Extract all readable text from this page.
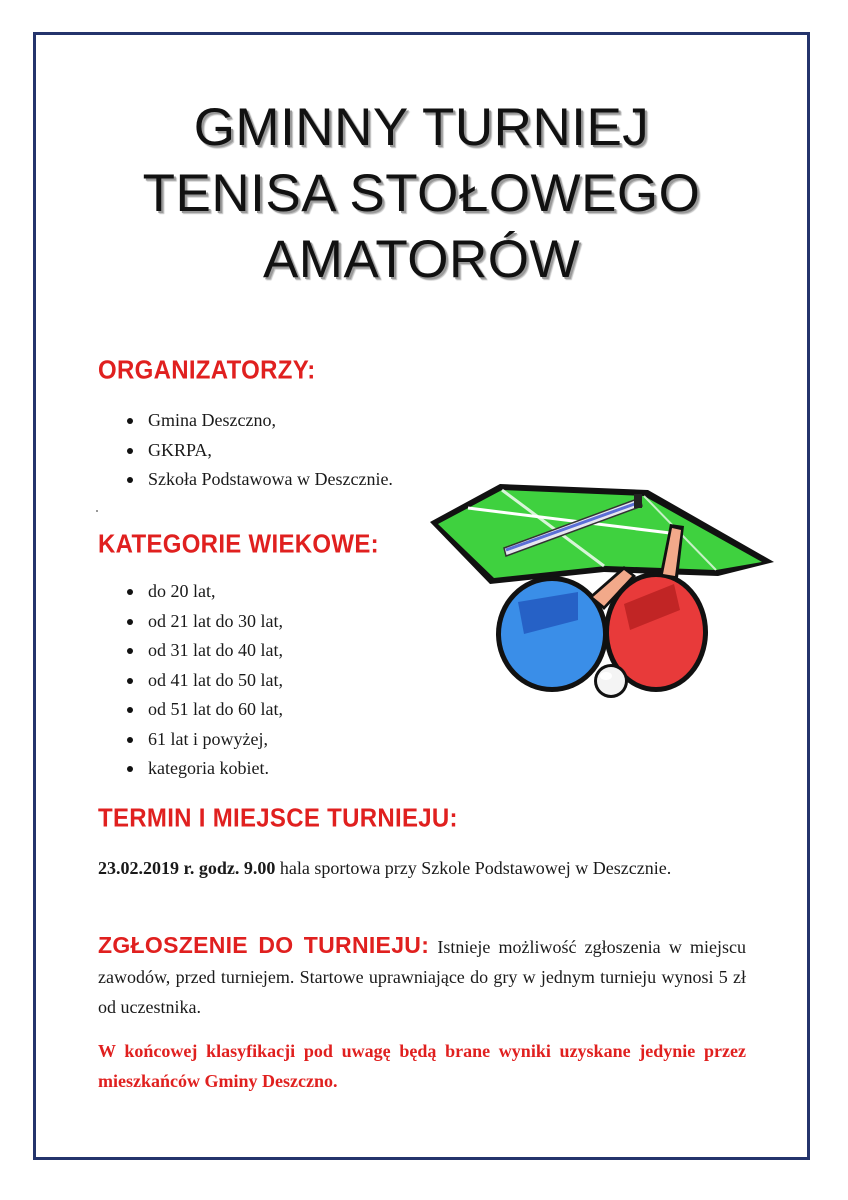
GMINNY TURNIEJ
TENISA STOŁOWEGO
AMATORÓW
ORGANIZATORZY:
Gmina Deszczno,
GKRPA,
Szkoła Podstawowa w Deszcznie.
KATEGORIE WIEKOWE:
do 20 lat,
od 21 lat do 30 lat,
od 31 lat do 40 lat,
od 41 lat do 50 lat,
od 51 lat do 60 lat,
61 lat i powyżej,
kategoria kobiet.
TERMIN I MIEJSCE TURNIEJU:
23.02.2019 r. godz. 9.00 hala sportowa przy Szkole Podstawowej w Deszcznie.
ZGŁOSZENIE DO TURNIEJU: Istnieje możliwość zgłoszenia w miejscu zawodów, przed turniejem. Startowe uprawniające do gry w jednym turnieju wynosi 5 zł od uczestnika.
W końcowej klasyfikacji pod uwagę będą brane wyniki uzyskane jedynie przez mieszkańców Gminy Deszczno.
